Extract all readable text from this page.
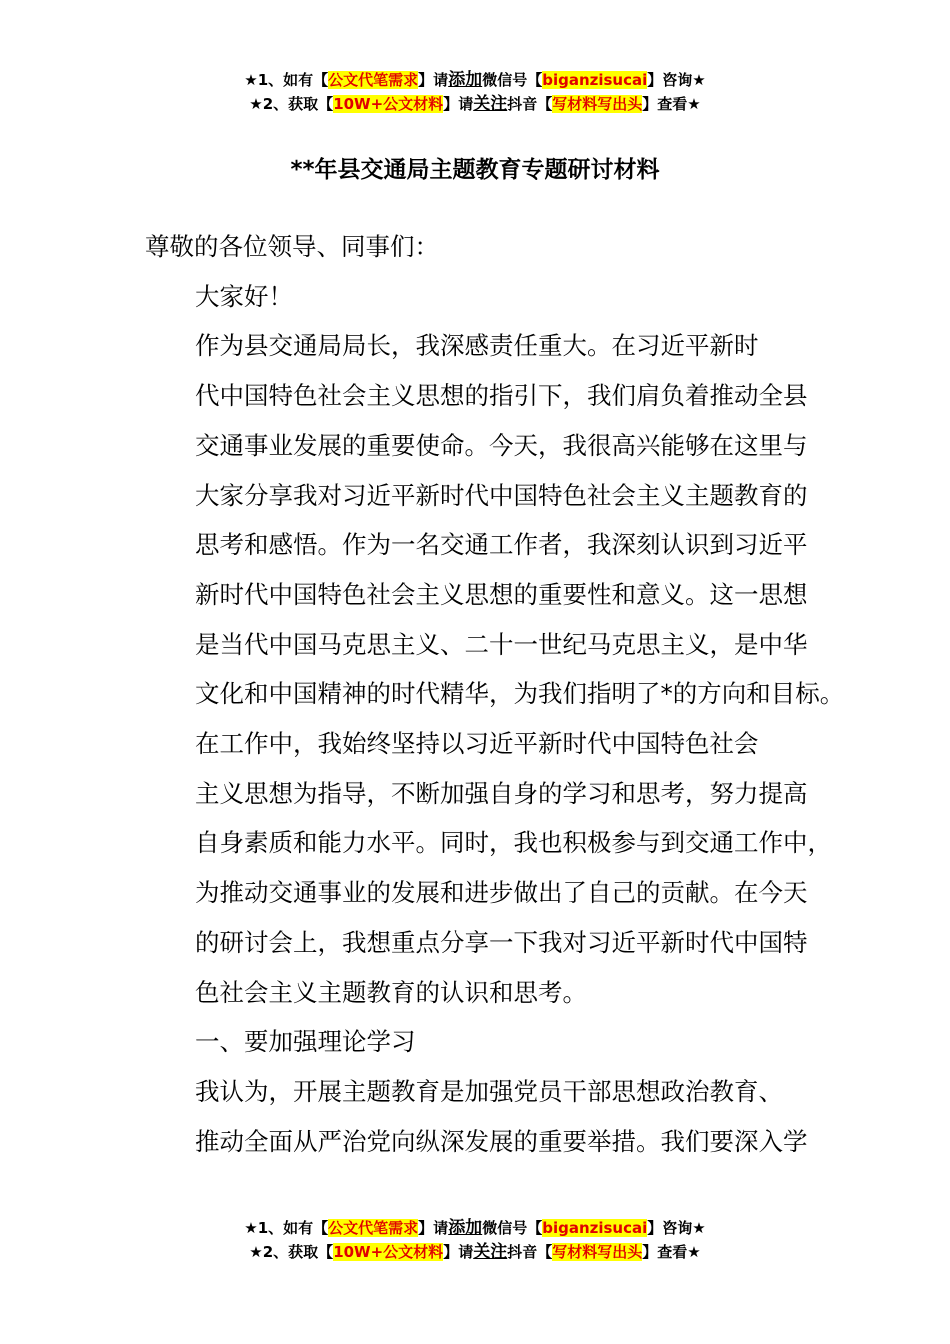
★1、如有【公文代笔需求】请添加微信号【biganzisucai】咨询★
★2、获取【10W+公文材料】请关注抖音【写材料写出头】查看★
**年县交通局主题教育专题研讨材料

尊敬的各位领导、同事们：

大家好！

作为县交通局局长，我深感责任重大。在习近平新时
代中国特色社会主义思想的指引下，我们肩负着推动全县
交通事业发展的重要使命。今天，我很高兴能够在这里与
大家分享我对习近平新时代中国特色社会主义主题教育的
思考和感悟。作为一名交通工作者，我深刻认识到习近平
新时代中国特色社会主义思想的重要性和意义。这一思想
是当代中国马克思主义、二十一世纪马克思主义，是中华
文化和中国精神的时代精华，为我们指明了*的方向和目标。

在工作中，我始终坚持以习近平新时代中国特色社会
主义思想为指导，不断加强自身的学习和思考，努力提高
自身素质和能力水平。同时，我也积极参与到交通工作中，
为推动交通事业的发展和进步做出了自己的贡献。在今天
的研讨会上，我想重点分享一下我对习近平新时代中国特
色社会主义主题教育的认识和思考。

一、要加强理论学习

我认为，开展主题教育是加强党员干部思想政治教育、
推动全面从严治党向纵深发展的重要举措。我们要深入学

★1、如有【公文代笔需求】请添加微信号【biganzisucai】咨询★
★2、获取【10W+公文材料】请关注抖音【写材料写出头】查看★
